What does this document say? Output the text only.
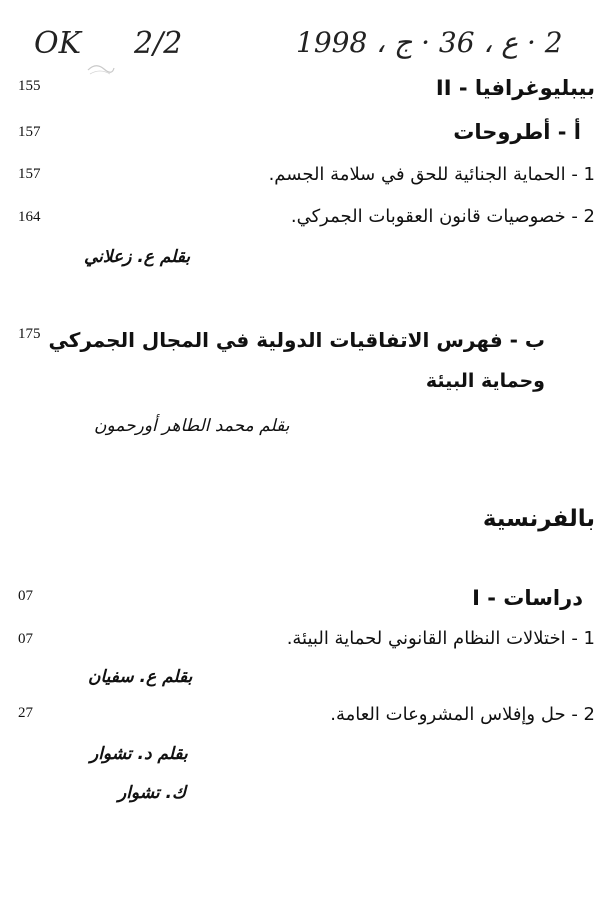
OK 2/2	2 · ع ، 36 · ج ، 1998
155	II - بيبليوغرافيا
157	أ - أطروحات
157	1 - الحماية الجنائية للحق في سلامة الجسم.
164	2 - خصوصيات قانون العقوبات الجمركي.
بقلم ع. زعلاني
175 ب - فهرس الاتفاقيات الدولية في المجال الجمركي
وحماية البيئة
بقلم محمد الطاهر أورحمون
بالفرنسية
07	I - دراسات
07	1 - اختلالات النظام القانوني لحماية البيئة.
بقلم ع. سفيان
27	2 - حل وإفلاس المشروعات العامة.
بقلم د. تشوار
ك. تشوار
